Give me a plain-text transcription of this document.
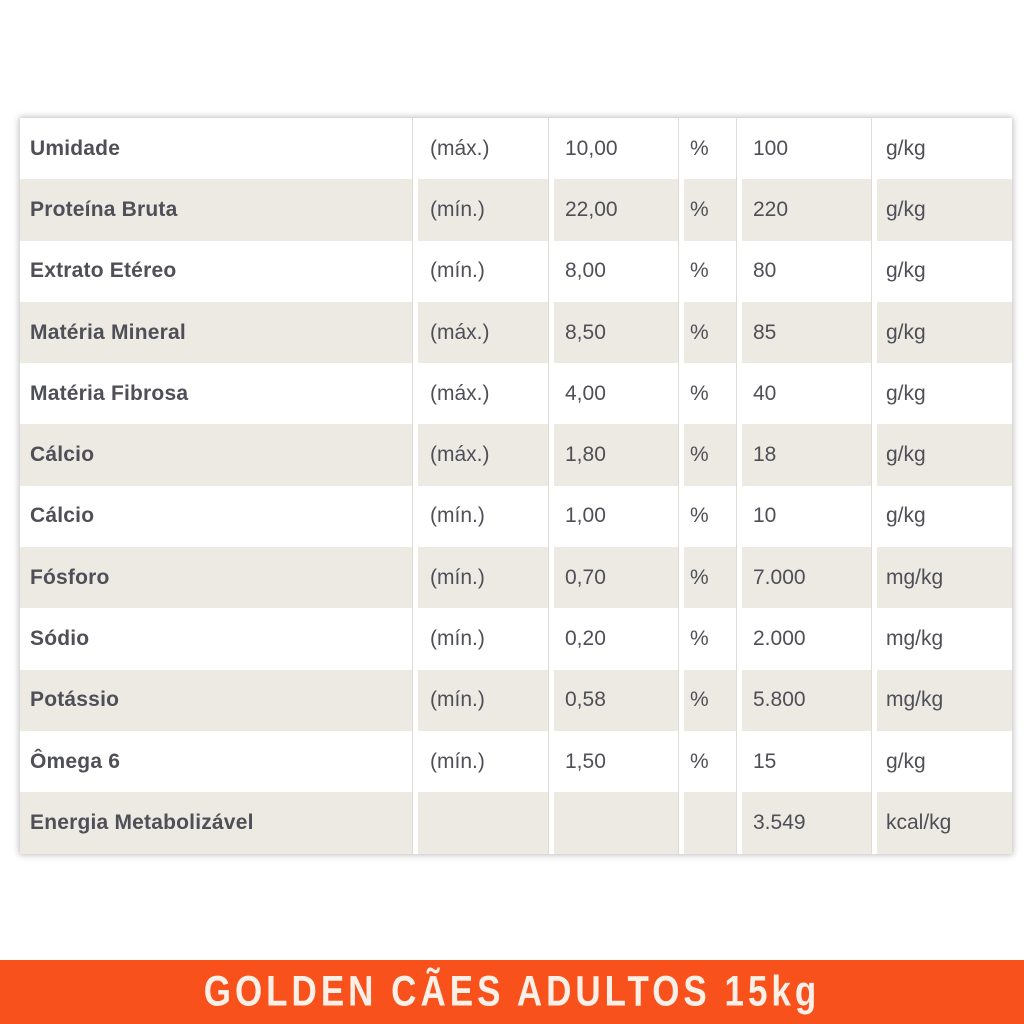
Umidade	(máx.)	10,00	%	100	g/kg
Proteína Bruta	(mín.)	22,00	%	220	g/kg
Extrato Etéreo	(mín.)	8,00	%	80	g/kg
Matéria Mineral	(máx.)	8,50	%	85	g/kg
Matéria Fibrosa	(máx.)	4,00	%	40	g/kg
Cálcio	(máx.)	1,80	%	18	g/kg
Cálcio	(mín.)	1,00	%	10	g/kg
Fósforo	(mín.)	0,70	%	7.000	mg/kg
Sódio	(mín.)	0,20	%	2.000	mg/kg
Potássio	(mín.)	0,58	%	5.800	mg/kg
Ômega 6	(mín.)	1,50	%	15	g/kg
Energia Metabolizável				3.549	kcal/kg
GOLDEN CÃES ADULTOS 15kg
